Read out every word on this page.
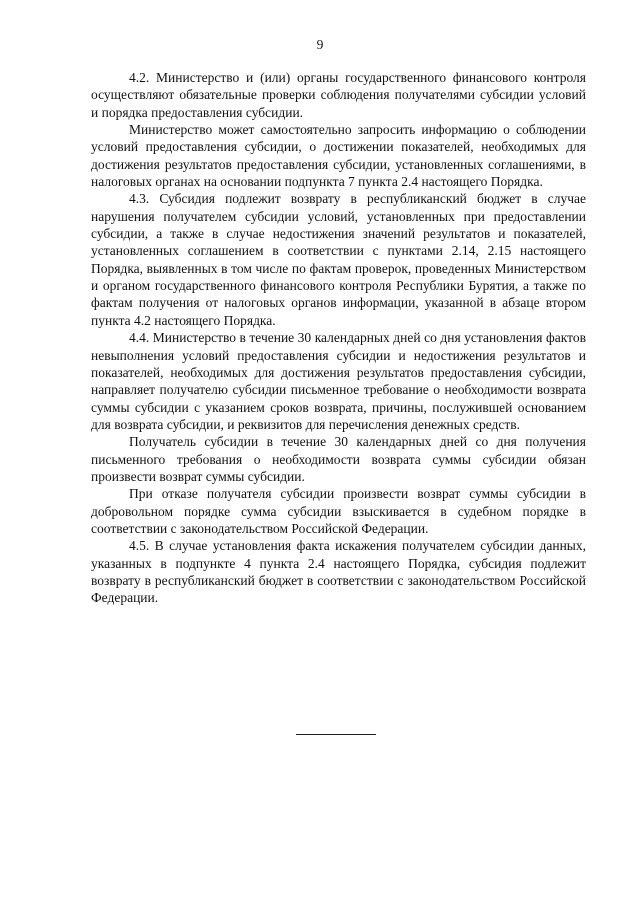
9

4.2. Министерство и (или) органы государственного финансового контроля осуществляют обязательные проверки соблюдения получателями субсидии условий и порядка предоставления субсидии.

Министерство может самостоятельно запросить информацию о соблюдении условий предоставления субсидии, о достижении показателей, необходимых для достижения результатов предоставления субсидии, установленных соглашениями, в налоговых органах на основании подпункта 7 пункта 2.4 настоящего Порядка.

4.3. Субсидия подлежит возврату в республиканский бюджет в случае нарушения получателем субсидии условий, установленных при предоставлении субсидии, а также в случае недостижения значений результатов и показателей, установленных соглашением в соответствии с пунктами 2.14, 2.15 настоящего Порядка, выявленных в том числе по фактам проверок, проведенных Министерством и органом государственного финансового контроля Республики Бурятия, а также по фактам получения от налоговых органов информации, указанной в абзаце втором пункта 4.2 настоящего Порядка.

4.4. Министерство в течение 30 календарных дней со дня установления фактов невыполнения условий предоставления субсидии и недостижения результатов и показателей, необходимых для достижения результатов предоставления субсидии, направляет получателю субсидии письменное требование о необходимости возврата суммы субсидии с указанием сроков возврата, причины, послужившей основанием для возврата субсидии, и реквизитов для перечисления денежных средств.

Получатель субсидии в течение 30 календарных дней со дня получения письменного требования о необходимости возврата суммы субсидии обязан произвести возврат суммы субсидии.

При отказе получателя субсидии произвести возврат суммы субсидии в добровольном порядке сумма субсидии взыскивается в судебном порядке в соответствии с законодательством Российской Федерации.

4.5. В случае установления факта искажения получателем субсидии данных, указанных в подпункте 4 пункта 2.4 настоящего Порядка, субсидия подлежит возврату в республиканский бюджет в соответствии с законодательством Российской Федерации.
